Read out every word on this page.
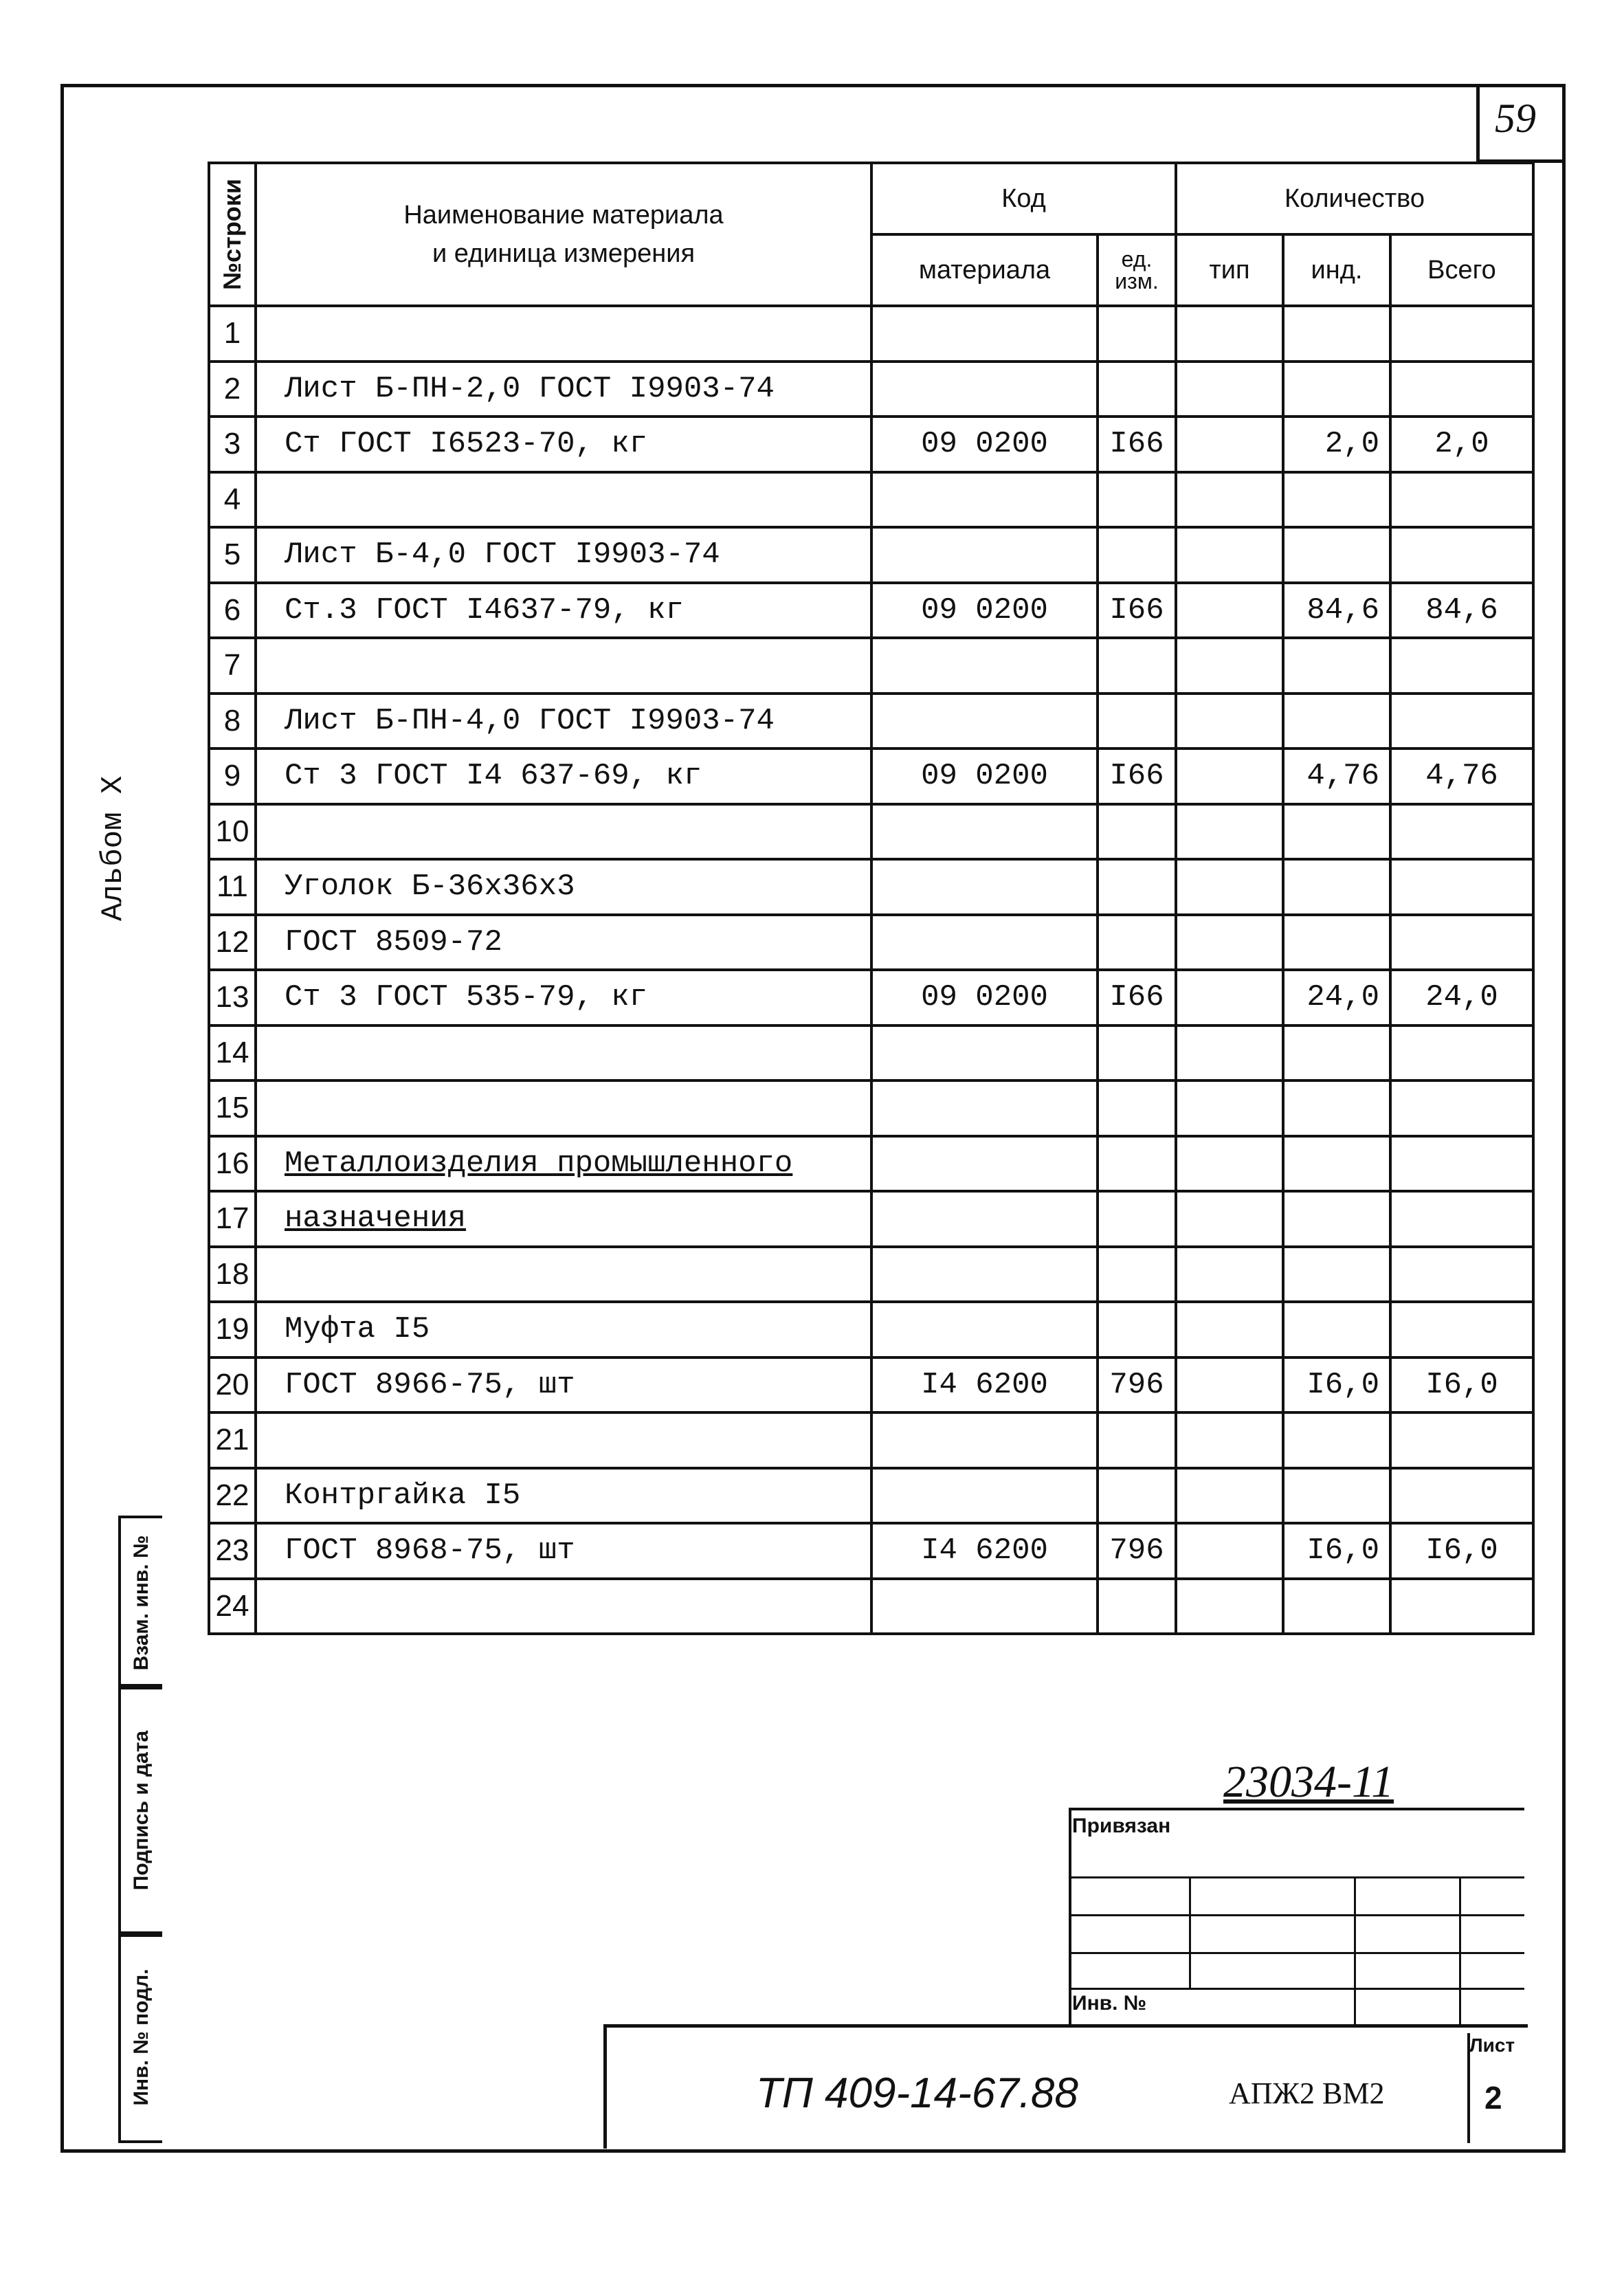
59
Альбом X
№строки	Наименование материала
и единица измерения	Код		Количество		
		материала	ед. изм.	тип	инд.	Всего
1						
2	Лист Б-ПН-2,0 ГОСТ I9903-74					
3	Ст ГОСТ I6523-70, кг	09 0200	I66		2,0	2,0
4						
5	Лист Б-4,0 ГОСТ I9903-74					
6	Ст.3 ГОСТ I4637-79, кг	09 0200	I66		84,6	84,6
7						
8	Лист Б-ПН-4,0 ГОСТ I9903-74					
9	Ст 3 ГОСТ I4 637-69, кг	09 0200	I66		4,76	4,76
10						
11	Уголок Б-36х36х3					
12	ГОСТ 8509-72					
13	Ст 3 ГОСТ 535-79, кг	09 0200	I66		24,0	24,0
14						
15						
16	Металлоизделия промышленного					
17	назначения					
18						
19	Муфта I5					
20	ГОСТ 8966-75, шт	I4 6200	796		I6,0	I6,0
21						
22	Контргайка I5					
23	ГОСТ 8968-75, шт	I4 6200	796		I6,0	I6,0
24						
Взам. инв. №
Подпись и дата
Инв. № подл.
23034-11
Привязан
Инв. №
ТП 409-14-67.88	АПЖ2 ВМ2
Лист
2
